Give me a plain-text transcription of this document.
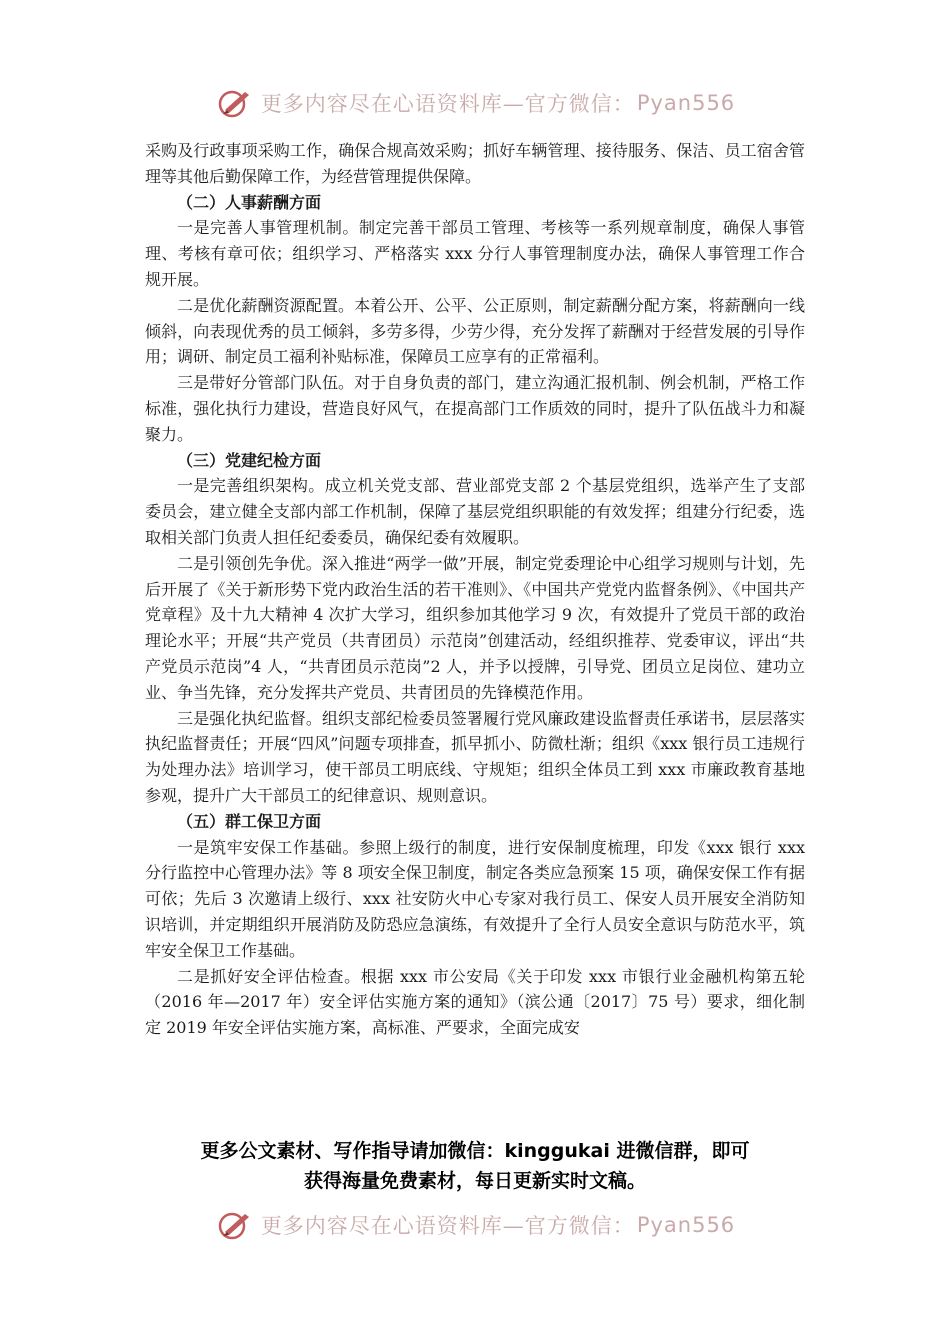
更多内容尽在心语资料库—官方微信： Pyan556

采购及行政事项采购工作，确保合规高效采购；抓好车辆管理、接待服务、保洁、员工宿舍管理等其他后勤保障工作，为经营管理提供保障。

（二）人事薪酬方面

一是完善人事管理机制。制定完善干部员工管理、考核等一系列规章制度，确保人事管理、考核有章可依；组织学习、严格落实 xxx 分行人事管理制度办法，确保人事管理工作合规开展。

二是优化薪酬资源配置。本着公开、公平、公正原则，制定薪酬分配方案，将薪酬向一线倾斜，向表现优秀的员工倾斜，多劳多得，少劳少得，充分发挥了薪酬对于经营发展的引导作用；调研、制定员工福利补贴标准，保障员工应享有的正常福利。

三是带好分管部门队伍。对于自身负责的部门，建立沟通汇报机制、例会机制，严格工作标准，强化执行力建设，营造良好风气，在提高部门工作质效的同时，提升了队伍战斗力和凝聚力。

（三）党建纪检方面

一是完善组织架构。成立机关党支部、营业部党支部 2 个基层党组织，选举产生了支部委员会，建立健全支部内部工作机制，保障了基层党组织职能的有效发挥；组建分行纪委，选取相关部门负责人担任纪委委员，确保纪委有效履职。

二是引领创先争优。深入推进“两学一做”开展，制定党委理论中心组学习规则与计划，先后开展了《关于新形势下党内政治生活的若干准则》、《中国共产党党内监督条例》、《中国共产党章程》及十九大精神 4 次扩大学习，组织参加其他学习 9 次，有效提升了党员干部的政治理论水平；开展“共产党员（共青团员）示范岗”创建活动，经组织推荐、党委审议，评出“共产党员示范岗”4 人，“共青团员示范岗”2 人，并予以授牌，引导党、团员立足岗位、建功立业、争当先锋，充分发挥共产党员、共青团员的先锋模范作用。

三是强化执纪监督。组织支部纪检委员签署履行党风廉政建设监督责任承诺书，层层落实执纪监督责任；开展“四风”问题专项排查，抓早抓小、防微杜渐；组织《xxx 银行员工违规行为处理办法》培训学习，使干部员工明底线、守规矩；组织全体员工到 xxx 市廉政教育基地参观，提升广大干部员工的纪律意识、规则意识。

（五）群工保卫方面

一是筑牢安保工作基础。参照上级行的制度，进行安保制度梳理，印发《xxx 银行 xxx 分行监控中心管理办法》等 8 项安全保卫制度，制定各类应急预案 15 项，确保安保工作有据可依；先后 3 次邀请上级行、xxx 社安防火中心专家对我行员工、保安人员开展安全消防知识培训，并定期组织开展消防及防恐应急演练，有效提升了全行人员安全意识与防范水平，筑牢安全保卫工作基础。

二是抓好安全评估检查。根据 xxx 市公安局《关于印发 xxx 市银行业金融机构第五轮（2016 年—2017 年）安全评估实施方案的通知》（滨公通〔2017〕75 号）要求，细化制定 2019 年安全评估实施方案，高标准、严要求，全面完成安

更多公文素材、写作指导请加微信：kinggukai 进微信群，即可
获得海量免费素材，每日更新实时文稿。
更多内容尽在心语资料库—官方微信： Pyan556
